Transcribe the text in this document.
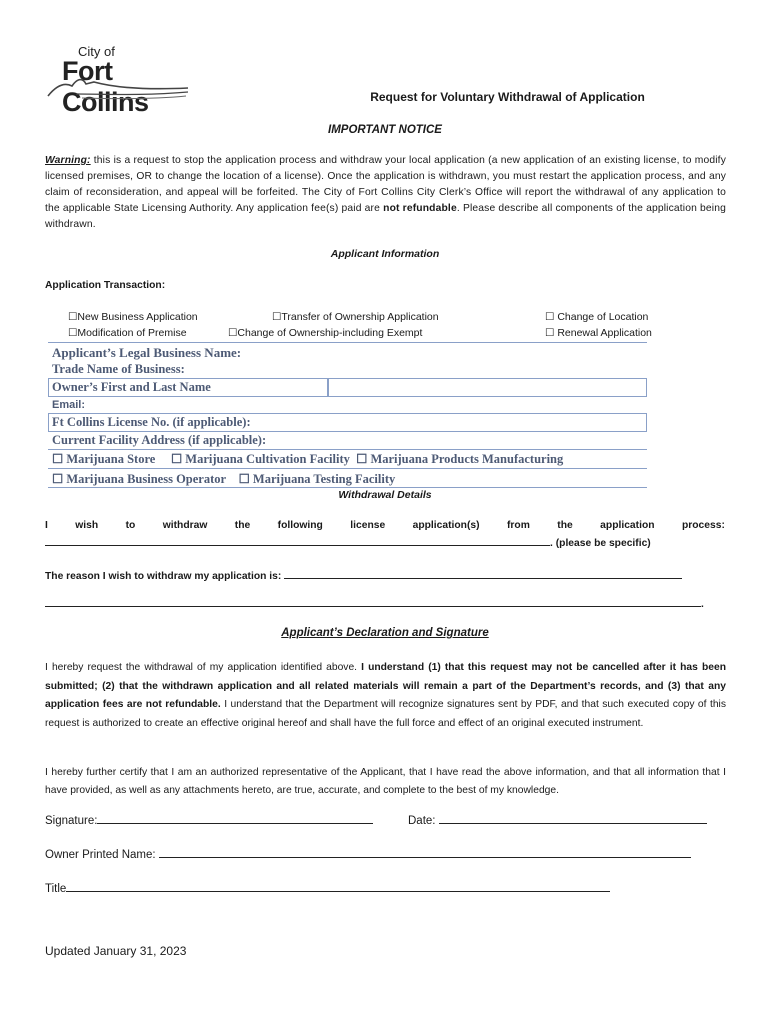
City of
Fort Collins	Request for Voluntary Withdrawal of Application
IMPORTANT NOTICE
Warning: this is a request to stop the application process and withdraw your local application (a new application of an existing license, to modify licensed premises, OR to change the location of a license). Once the application is withdrawn, you must restart the application process, and any claim of reconsideration, and appeal will be forfeited. The City of Fort Collins City Clerk’s Office will report the withdrawal of any application to the applicable State Licensing Authority. Any application fee(s) paid are not refundable. Please describe all components of the application being withdrawn.
Applicant Information
Application Transaction:
☐New Business Application	☐Transfer of Ownership Application	☐ Change of Location
☐Modification of Premise	☐Change of Ownership-including Exempt	☐ Renewal Application
Applicant’s Legal Business Name:
Trade Name of Business:
Owner’s First and Last Name
Email:
Ft Collins License No. (if applicable):
Current Facility Address (if applicable):
☐ Marijuana Store ☐ Marijuana Cultivation Facility ☐ Marijuana Products Manufacturing
☐ Marijuana Business Operator ☐ Marijuana Testing Facility
Withdrawal Details
I	wish	to	withdraw	the	following	license	application(s)	from	the	application	process:
. (please be specific)
The reason I wish to withdraw my application is:
.
Applicant’s Declaration and Signature
I hereby request the withdrawal of my application identified above. I understand (1) that this request may not be cancelled after it has been submitted; (2) that the withdrawn application and all related materials will remain a part of the Department’s records, and (3) that any application fees are not refundable. I understand that the Department will recognize signatures sent by PDF, and that such executed copy of this request is authorized to create an effective original hereof and shall have the full force and effect of an original executed instrument.
I hereby further certify that I am an authorized representative of the Applicant, that I have read the above information, and that all information that I have provided, as well as any attachments hereto, are true, accurate, and complete to the best of my knowledge.
Signature:	Date:
Owner Printed Name:
Title
Updated January 31, 2023
